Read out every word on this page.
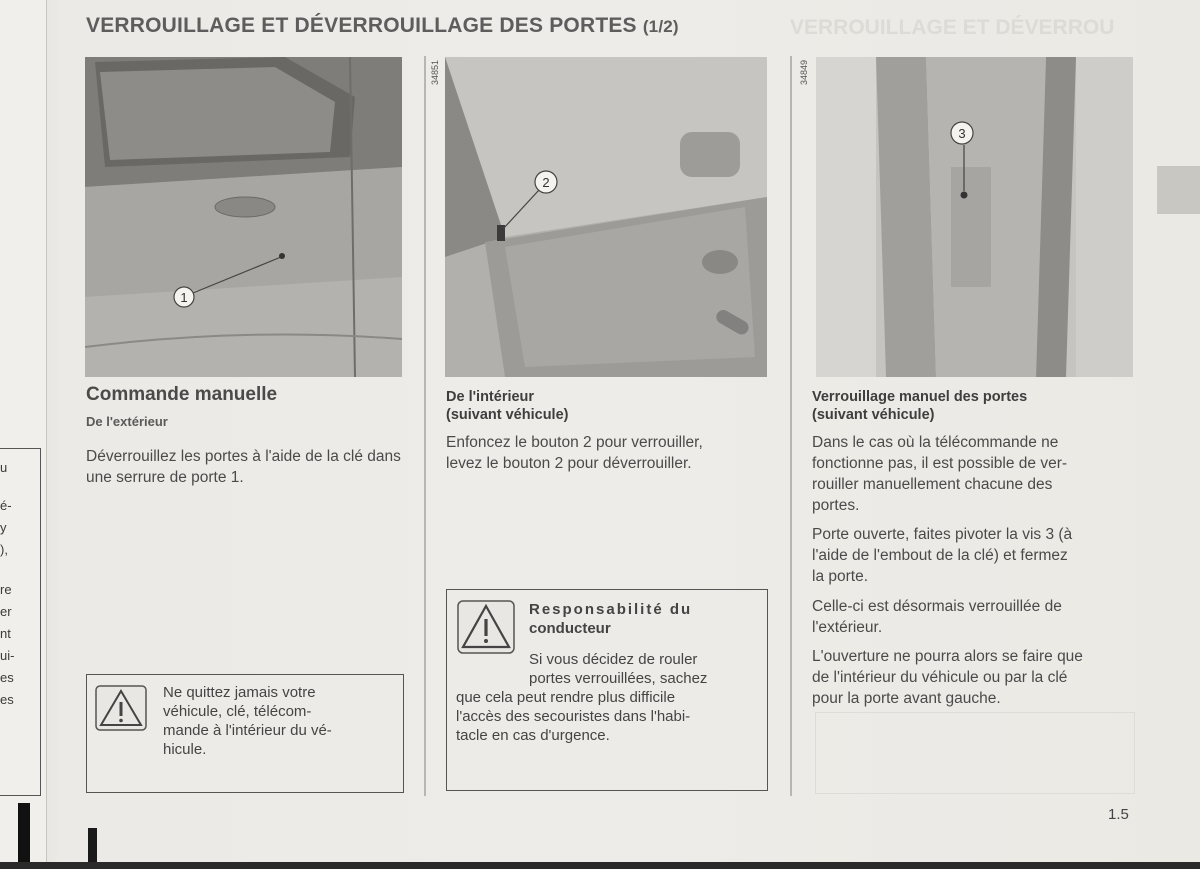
u
é-
y
),
re
er
nt
ui-
es
es
VERROUILLAGE ET DÉVERROU
VERROUILLAGE ET DÉVERROUILLAGE DES PORTES (1/2)
1
2
34851
3
34849
Commande manuelle
De l'extérieur
Déverrouillez les portes à l'aide de la clé dans une serrure de porte 1.
Ne quittez jamais votre
véhicule, clé, télécom-
mande à l'intérieur du vé-
hicule.
De l'intérieur
(suivant véhicule)
Enfoncez le bouton 2 pour verrouiller,
levez le bouton 2 pour déverrouiller.
Responsabilité du
conducteur
Si vous décidez de rouler
portes verrouillées, sachez
que cela peut rendre plus difficile
l'accès des secouristes dans l'habi-
tacle en cas d'urgence.
Verrouillage manuel des portes
(suivant véhicule)
Dans le cas où la télécommande ne
fonctionne pas, il est possible de ver-
rouiller manuellement chacune des
portes.
Porte ouverte, faites pivoter la vis 3 (à
l'aide de l'embout de la clé) et fermez
la porte.
Celle-ci est désormais verrouillée de
l'extérieur.
L'ouverture ne pourra alors se faire que
de l'intérieur du véhicule ou par la clé
pour la porte avant gauche.
1.5
